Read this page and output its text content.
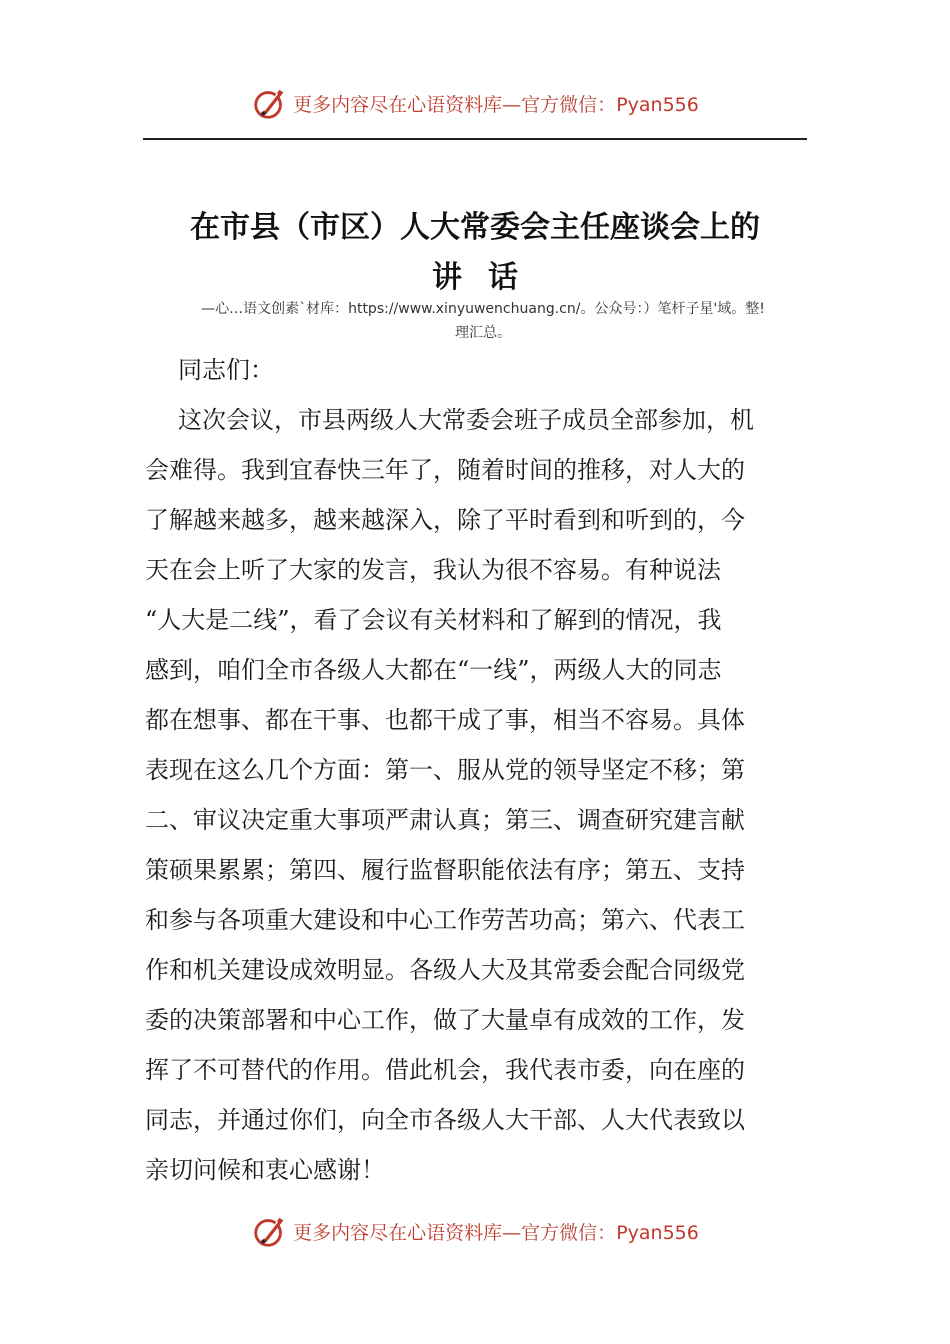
更多内容尽在心语资料库—官方微信：Pyan556
在市县（市区）人大常委会主任座谈会上的
讲话

—心…语文创素`材库：https://www.xinyuwenchuang.cn/。公众号：）笔杆子星'域。整!

理汇总。

同志们：

这次会议，市县两级人大常委会班子成员全部参加，机

会难得。我到宜春快三年了，随着时间的推移，对人大的

了解越来越多，越来越深入，除了平时看到和听到的，今

天在会上听了大家的发言，我认为很不容易。有种说法

“人大是二线”，看了会议有关材料和了解到的情况，我

感到，咱们全市各级人大都在“一线”，两级人大的同志

都在想事、都在干事、也都干成了事，相当不容易。具体

表现在这么几个方面：第一、服从党的领导坚定不移；第

二、审议决定重大事项严肃认真；第三、调查研究建言献

策硕果累累；第四、履行监督职能依法有序；第五、支持

和参与各项重大建设和中心工作劳苦功高；第六、代表工

作和机关建设成效明显。各级人大及其常委会配合同级党

委的决策部署和中心工作，做了大量卓有成效的工作，发

挥了不可替代的作用。借此机会，我代表市委，向在座的

同志，并通过你们，向全市各级人大干部、人大代表致以

亲切问候和衷心感谢！

更多内容尽在心语资料库—官方微信：Pyan556
